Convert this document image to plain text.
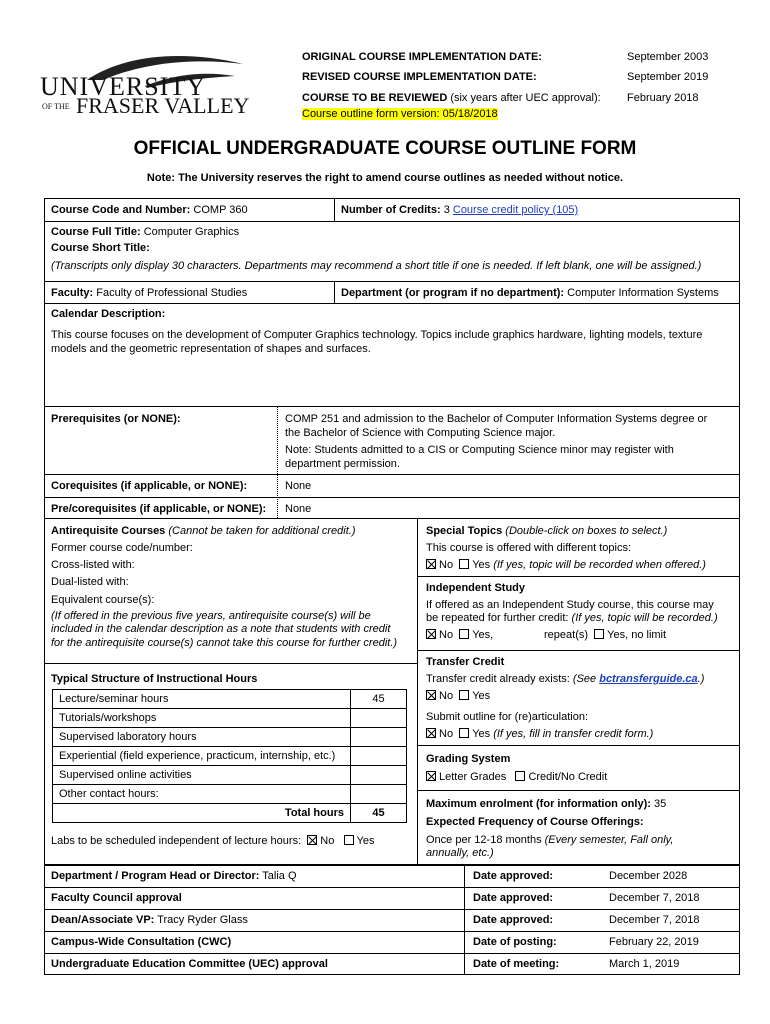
UNIVERSITY
OF THE FRASER VALLEY
ORIGINAL COURSE IMPLEMENTATION DATE:	September 2003
REVISED COURSE IMPLEMENTATION DATE:	September 2019
COURSE TO BE REVIEWED (six years after UEC approval): February 2018
Course outline form version: 05/18/2018
OFFICIAL UNDERGRADUATE COURSE OUTLINE FORM
Note: The University reserves the right to amend course outlines as needed without notice.
Course Code and Number: COMP 360	Number of Credits: 3 Course credit policy (105)
Course Full Title: Computer Graphics
Course Short Title:
(Transcripts only display 30 characters. Departments may recommend a short title if one is needed. If left blank, one will be assigned.)
Faculty: Faculty of Professional Studies	Department (or program if no department): Computer Information Systems
Calendar Description:
This course focuses on the development of Computer Graphics technology. Topics include graphics hardware, lighting models, texture
models and the geometric representation of shapes and surfaces.
Prerequisites (or NONE):	COMP 251 and admission to the Bachelor of Computer Information Systems degree or
the Bachelor of Science with Computing Science major.
Note: Students admitted to a CIS or Computing Science minor may register with
department permission.
Corequisites (if applicable, or NONE):	None
Pre/corequisites (if applicable, or NONE): None
Antirequisite Courses (Cannot be taken for additional credit.)
Former course code/number:
Cross-listed with:
Dual-listed with:
Equivalent course(s):
(If offered in the previous five years, antirequisite course(s) will be
included in the calendar description as a note that students with credit
for the antirequisite course(s) cannot take this course for further credit.)
Special Topics (Double-click on boxes to select.)
This course is offered with different topics:
No Yes (If yes, topic will be recorded when offered.)
Independent Study
If offered as an Independent Study course, this course may
be repeated for further credit: (If yes, topic will be recorded.)
No Yes,	repeat(s) Yes, no limit
Transfer Credit
Transfer credit already exists: (See bctransferguide.ca.)
No Yes
Submit outline for (re)articulation:
No Yes (If yes, fill in transfer credit form.)
Grading System
Letter Grades Credit/No Credit
Maximum enrolment (for information only): 35
Expected Frequency of Course Offerings:
Once per 12-18 months (Every semester, Fall only,
annually, etc.)
Typical Structure of Instructional Hours
Lecture/seminar hours	45
Tutorials/workshops	
Supervised laboratory hours	
Experiential (field experience, practicum, internship, etc.)	
Supervised online activities	
Other contact hours:	
Total hours	45
Labs to be scheduled independent of lecture hours: No Yes
Department / Program Head or Director: Talia Q	Date approved:	December 2028
Faculty Council approval	Date approved:	December 7, 2018
Dean/Associate VP: Tracy Ryder Glass	Date approved:	December 7, 2018
Campus-Wide Consultation (CWC)	Date of posting:	February 22, 2019
Undergraduate Education Committee (UEC) approval	Date of meeting:	March 1, 2019
